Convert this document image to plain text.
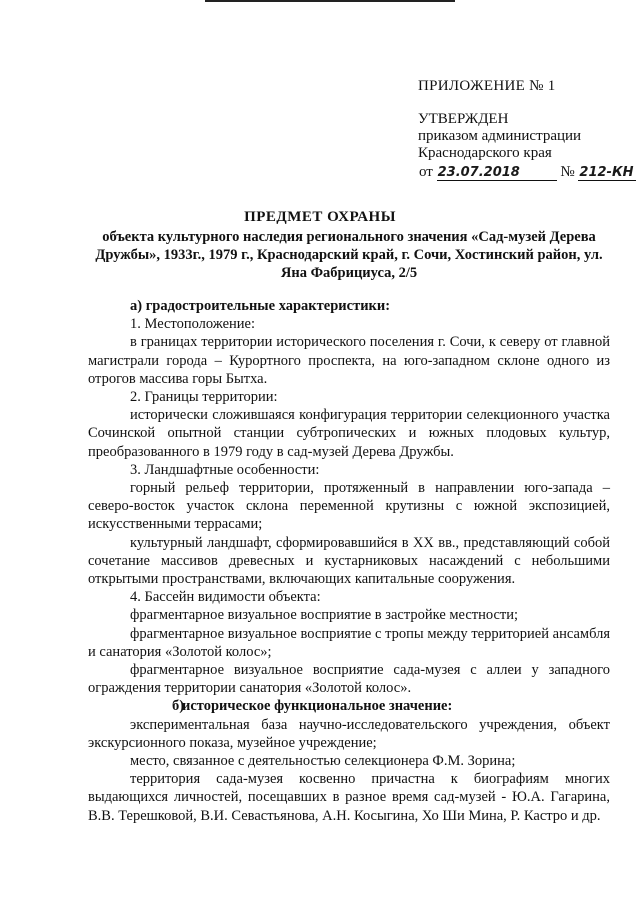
ПРИЛОЖЕНИЕ № 1
УТВЕРЖДЕН
приказом администрации
Краснодарского края
от 23.07.2018	№ 212-КН
ПРЕДМЕТ ОХРАНЫ
объекта культурного наследия регионального значения «Сад-музей Дерева Дружбы», 1933г., 1979 г., Краснодарский край, г. Сочи, Хостинский район, ул. Яна Фабрициуса, 2/5

а) градостроительные характеристики:

1. Местоположение:

в границах территории исторического поселения г. Сочи, к северу от главной магистрали города – Курортного проспекта, на юго-западном склоне одного из отрогов массива горы Бытха.

2. Границы территории:

исторически сложившаяся конфигурация территории селекционного участка Сочинской опытной станции субтропических и южных плодовых культур, преобразованного в 1979 году в сад-музей Дерева Дружбы.

3. Ландшафтные особенности:

горный рельеф территории, протяженный в направлении юго-запада – северо-восток участок склона переменной крутизны с южной экспозицией, искусственными террасами;

культурный ландшафт, сформировавшийся в XX вв., представляющий собой сочетание массивов древесных и кустарниковых насаждений с небольшими открытыми пространствами, включающих капитальные сооружения.

4. Бассейн видимости объекта:

фрагментарное визуальное восприятие в застройке местности;

фрагментарное визуальное восприятие с тропы между территорией ансамбля и санатория «Золотой колос»;

фрагментарное визуальное восприятие сада-музея с аллеи у западного ограждения территории санатория «Золотой колос».

б)историческое функциональное значение:

экспериментальная база научно-исследовательского учреждения, объект экскурсионного показа, музейное учреждение;

место, связанное с деятельностью селекционера Ф.М. Зорина;

территория сада-музея косвенно причастна к биографиям многих выдающихся личностей, посещавших в разное время сад-музей - Ю.А. Гагарина, В.В. Терешковой, В.И. Севастьянова, А.Н. Косыгина, Хо Ши Мина, Р. Кастро и др.
